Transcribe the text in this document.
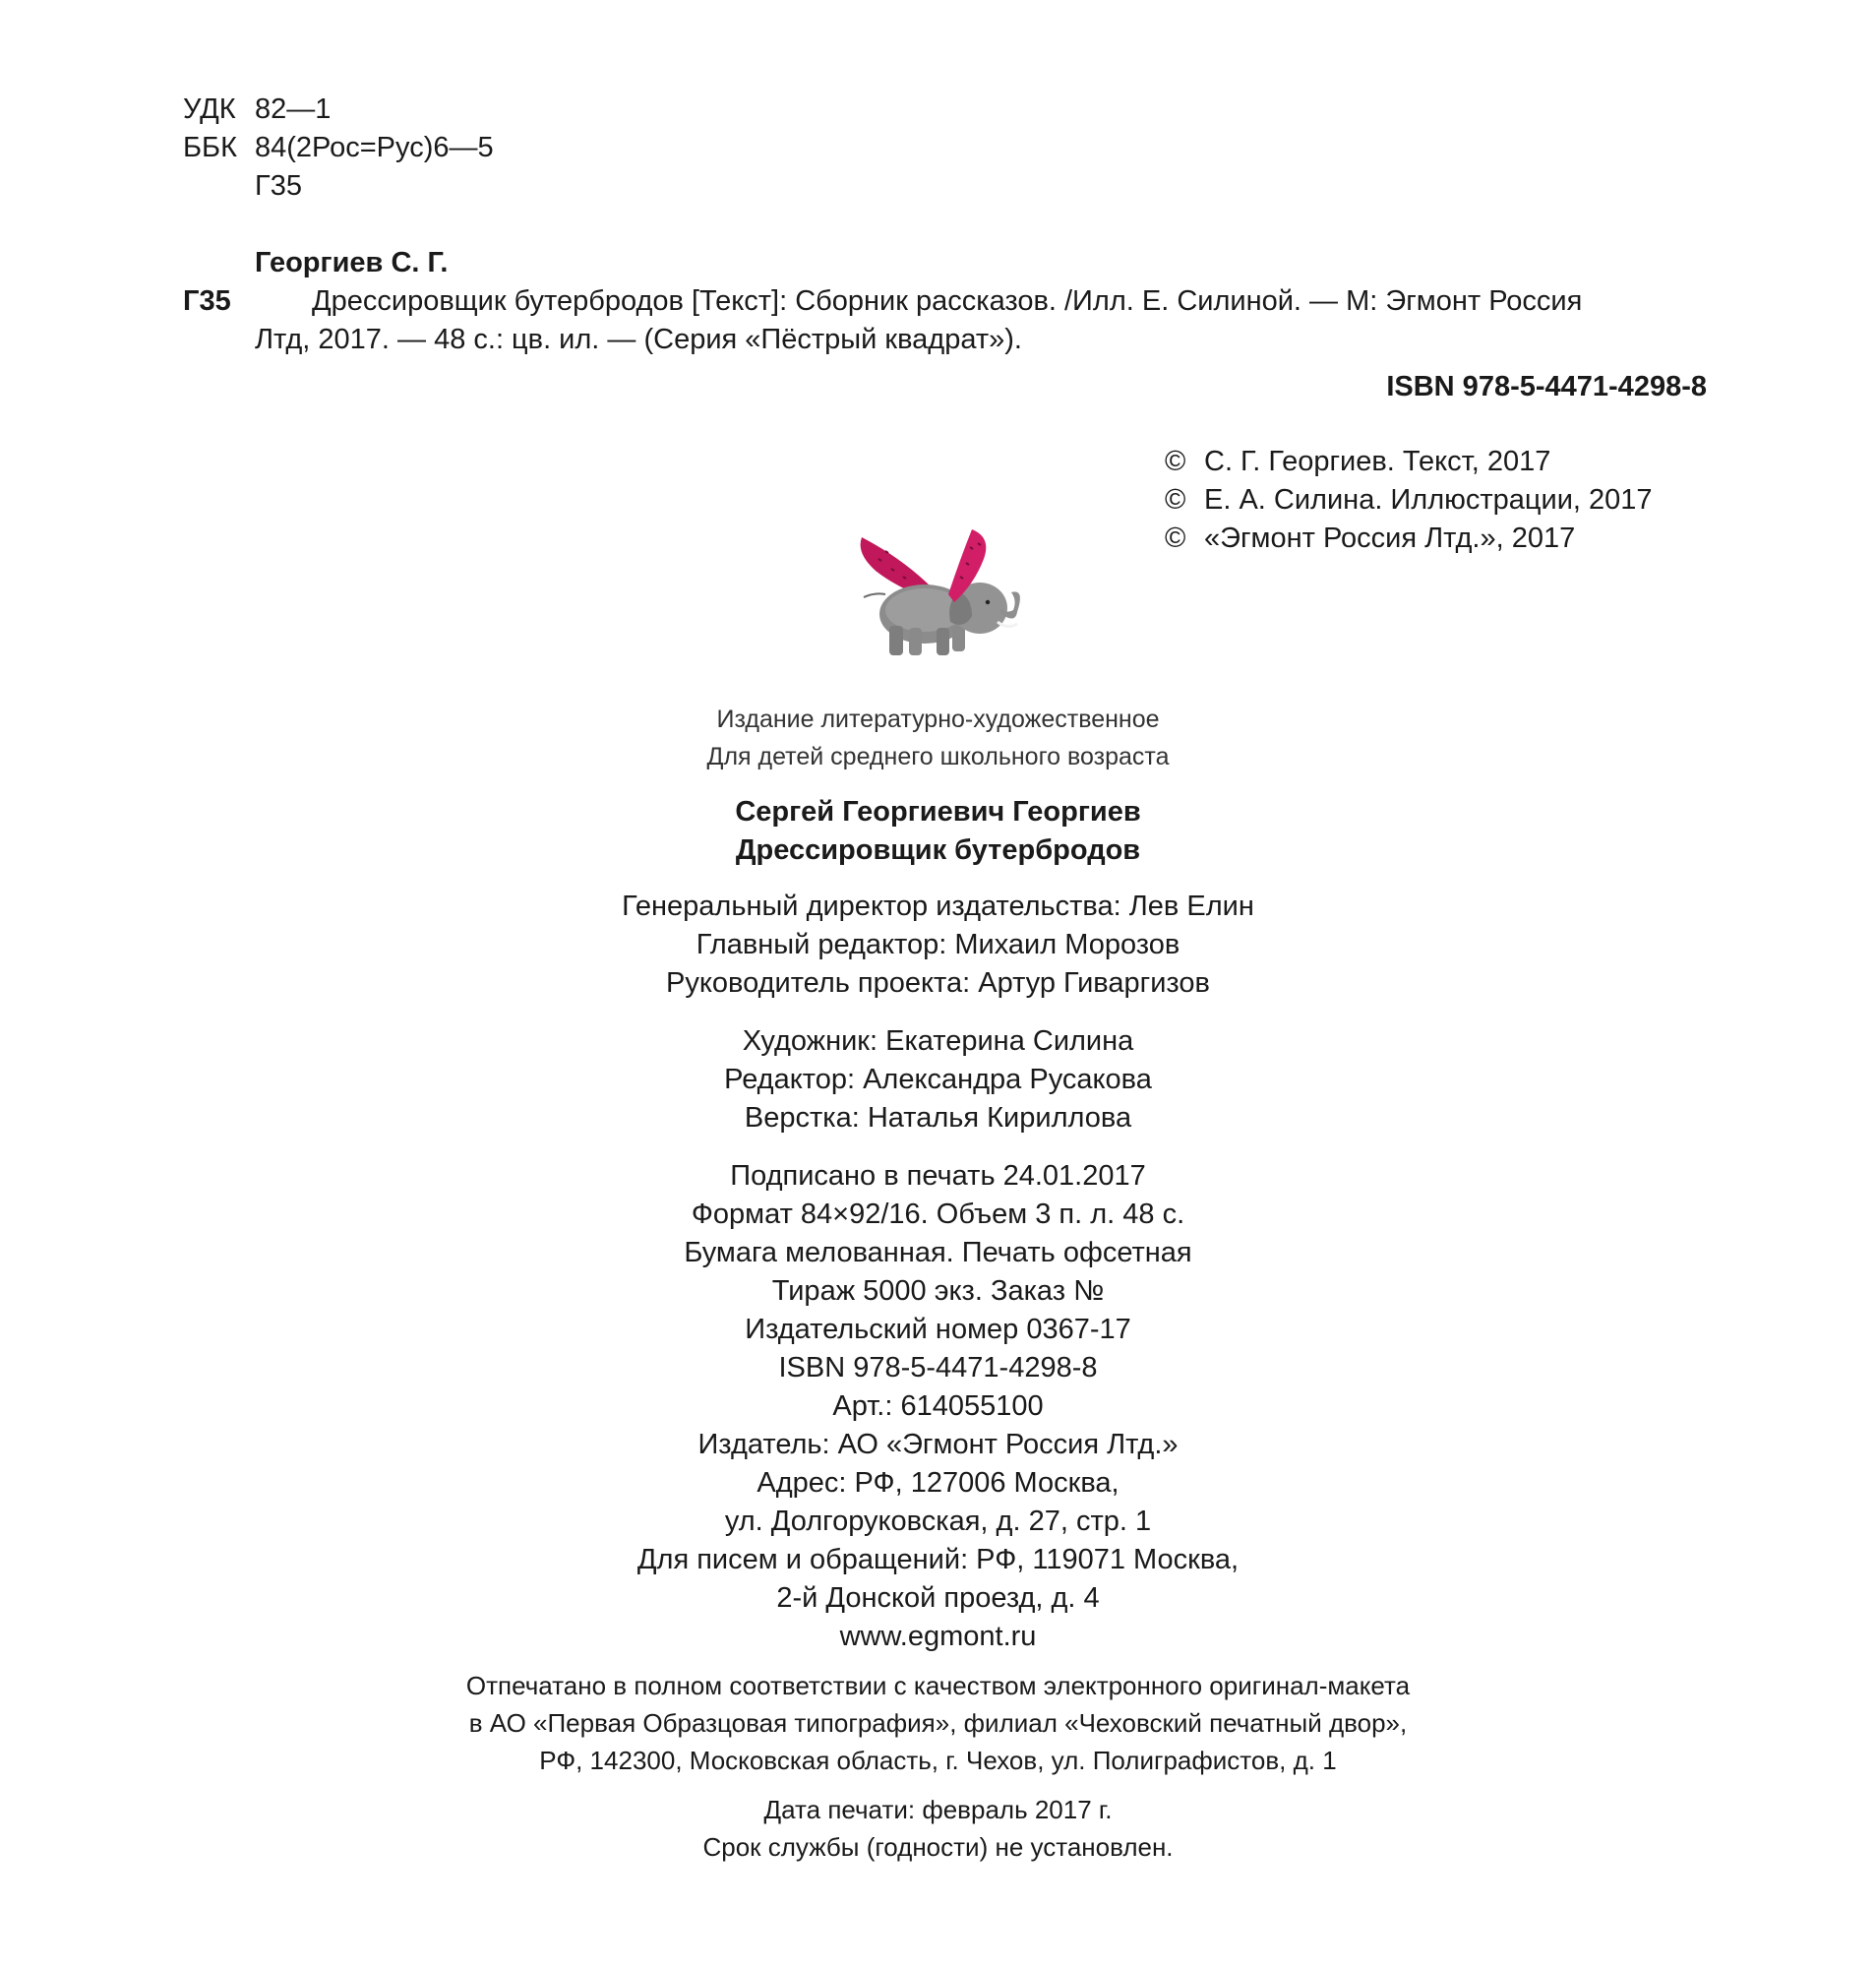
УДК 82—1
ББК 84(2Рос=Рус)6—5
Г35
Георгиев С. Г.
Г35	Дрессировщик бутербродов [Текст]: Сборник рассказов. /Илл. Е. Силиной. — М: Эгмонт Россия
Лтд, 2017. — 48 с.: цв. ил. — (Серия «Пёстрый квадрат»).
ISBN 978-5-4471-4298-8
© С. Г. Георгиев. Текст, 2017
© Е. А. Силина. Иллюстрации, 2017
© «Эгмонт Россия Лтд.», 2017
Издание литературно-художественное
Для детей среднего школьного возраста
Сергей Георгиевич Георгиев
Дрессировщик бутербродов
Генеральный директор издательства: Лев Елин
Главный редактор: Михаил Морозов
Руководитель проекта: Артур Гиваргизов
Художник: Екатерина Силина
Редактор: Александра Русакова
Верстка: Наталья Кириллова
Подписано в печать 24.01.2017
Формат 84×92/16. Объем 3 п. л. 48 с.
Бумага мелованная. Печать офсетная
Тираж 5000 экз. Заказ №
Издательский номер 0367-17
ISBN 978-5-4471-4298-8
Арт.: 614055100
Издатель: АО «Эгмонт Россия Лтд.»
Адрес: РФ, 127006 Москва,
ул. Долгоруковская, д. 27, стр. 1
Для писем и обращений: РФ, 119071 Москва,
2-й Донской проезд, д. 4
www.egmont.ru
Отпечатано в полном соответствии с качеством электронного оригинал-макета
в АО «Первая Образцовая типография», филиал «Чеховский печатный двор»,
РФ, 142300, Московская область, г. Чехов, ул. Полиграфистов, д. 1
Дата печати: февраль 2017 г.
Срок службы (годности) не установлен.
